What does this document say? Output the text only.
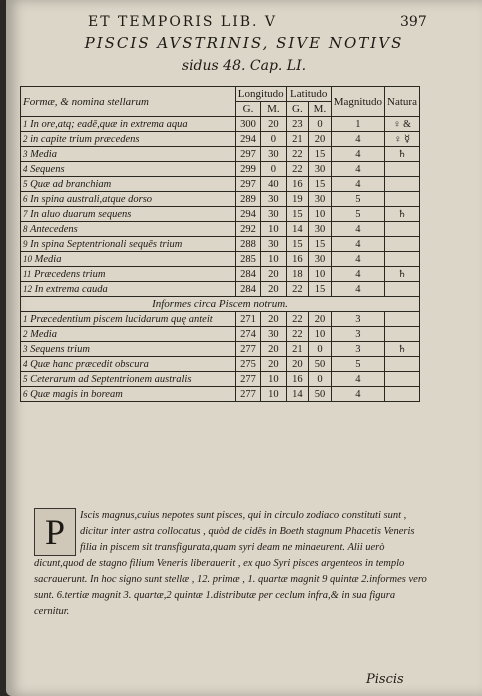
ET TEMPORIS LIB. V	397
PISCIS AVSTRINIS, SIVE NOTIVS
sidus 48. Cap. LI.
Formæ, & nomina stellarum	Longitudo		Latitudo		Magnitudo	Natura
	G.	M.	G.	M.		
1 In ore,atq; eadē,quæ in extrema aqua	300	20	23	0	1	♀ &
2 in capite trium præcedens	294	0	21	20	4	♀ ☿
3 Media	297	30	22	15	4	♄
4 Sequens	299	0	22	30	4	
5 Quæ ad branchiam	297	40	16	15	4	
6 In spina australi,atque dorso	289	30	19	30	5	
7 In aluo duarum sequens	294	30	15	10	5	♄
8 Antecedens	292	10	14	30	4	
9 In spina Septentrionali sequēs trium	288	30	15	15	4	
10 Media	285	10	16	30	4	
11 Præcedens trium	284	20	18	10	4	♄
12 In extrema cauda	284	20	22	15	4	
Informes circa Piscem notrum.						
1 Præcedentium piscem lucidarum quę anteit	271	20	22	20	3	
2 Media	274	30	22	10	3	
3 Sequens trium	277	20	21	0	3	♄
4 Quæ hanc præcedit obscura	275	20	20	50	5	
5 Ceterarum ad Septentrionem australis	277	10	16	0	4	
6 Quæ magis in boream	277	10	14	50	4	
P	Iscis magnus,cuius nepotes sunt pisces, qui in circulo zodiaco constituti sunt , dicitur inter astra collocatus , quòd de cidēs in Boeth stagnum Phacetis Veneris filia in piscem sit transfigurata,quam syri deam ne minaeurent. Alii uerò dicunt,quod de stagno filium Veneris liberauerit , ex quo Syri pisces argenteos in templo sacrauerunt. In hoc signo sunt stellæ , 12. primæ , 1. quartæ magnit 9 quintæ 2.informes vero sunt. 6.tertiæ magnit 3. quartæ,2 quintæ 1.distributæ per ceclum infra,& in sua figura cernitur.
Piscis
